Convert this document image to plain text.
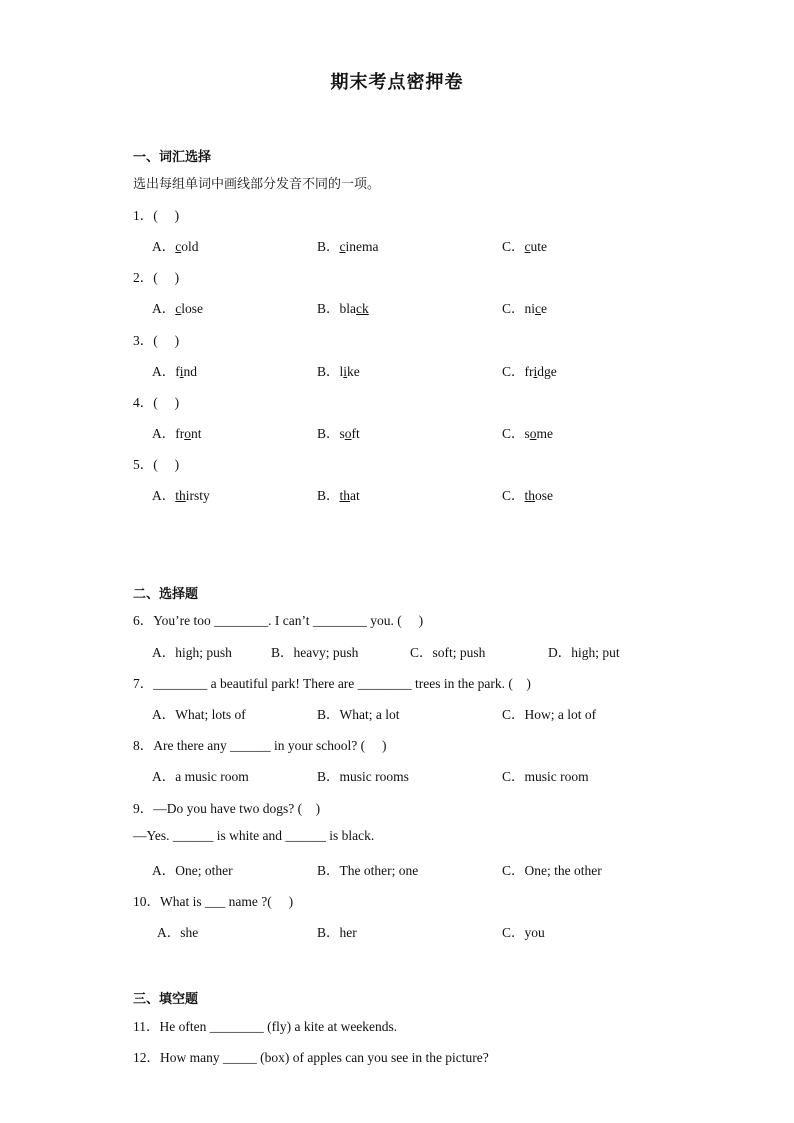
期末考点密押卷
一、词汇选择
选出每组单词中画线部分发音不同的一项。
1．(　 )
A．cold	B．cinema	C．cute
2．(　 )
A．close	B．black	C．nice
3．(　 )
A．find	B．like	C．fridge
4．(　 )
A．front	B．soft	C．some
5．(　 )
A．thirsty	B．that	C．those
二、选择题
6．You’re too ________. I can’t ________ you. (　 )
A．high; push	B．heavy; push	C．soft; push	D．high; put
7．________ a beautiful park! There are ________ trees in the park. (　)
A．What; lots of	B．What; a lot	C．How; a lot of
8．Are there any ______ in your school? (　 )
A．a music room	B．music rooms	C．music room
9．—Do you have two dogs? (　)
—Yes. ______ is white and ______ is black.
A．One; other	B．The other; one	C．One; the other
10．What is ___ name ?(　 )
A．she	B．her	C．you
三、填空题
11．He often ________ (fly) a kite at weekends.
12．How many _____ (box) of apples can you see in the picture?
